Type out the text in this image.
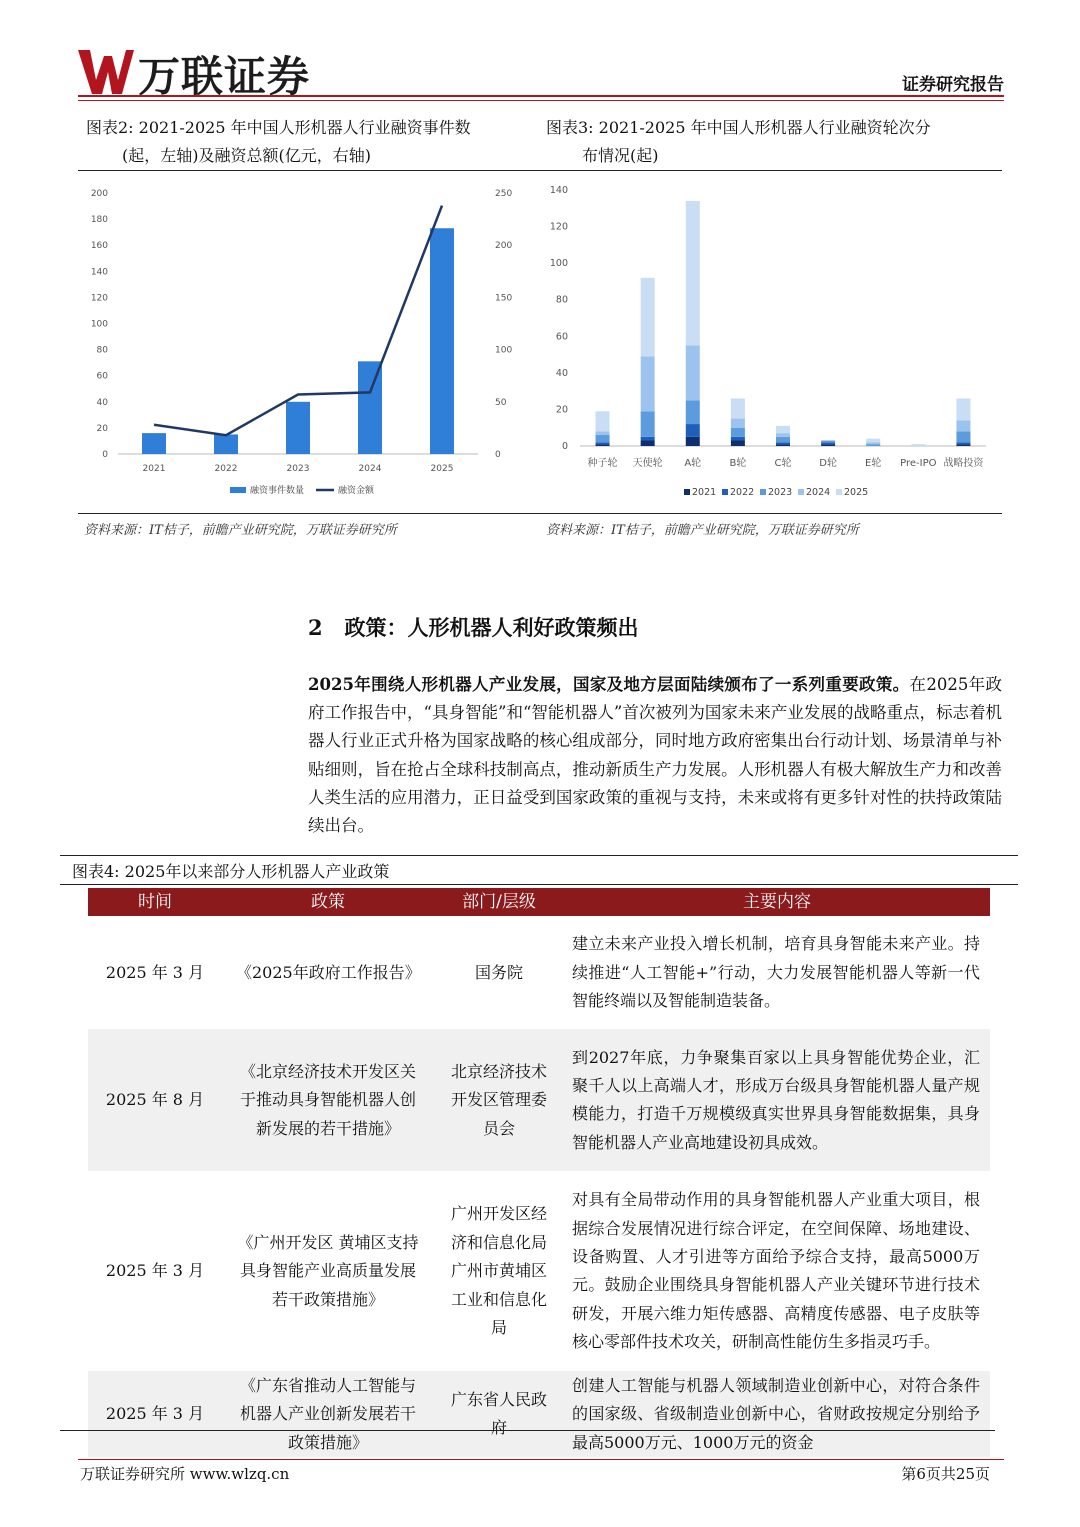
万联证券	证券研究报告
图表2: 2021-2025 年中国人形机器人行业融资事件数
(起，左轴)及融资总额(亿元，右轴)
图表3: 2021-2025 年中国人形机器人行业融资轮次分
布情况(起)
0
20
40
60
80
100
120
140
160
180
200
0
50
100
150
200
250
2021	2022	2023	2024	2025
融资事件数量	融资金额
0
20
40
60
80
100
120
140
种子轮 天使轮 A轮	B轮	C轮	D轮	E轮 Pre-IPO 战略投资
2021 2022 2023 2024 2025
资料来源：IT桔子，前瞻产业研究院，万联证券研究所	资料来源：IT桔子，前瞻产业研究院，万联证券研究所
2   政策：人形机器人利好政策频出
2025年围绕人形机器人产业发展，国家及地方层面陆续颁布了一系列重要政策。在2025年政府工作报告中，“具身智能”和“智能机器人”首次被列为国家未来产业发展的战略重点，标志着机器人行业正式升格为国家战略的核心组成部分，同时地方政府密集出台行动计划、场景清单与补贴细则，旨在抢占全球科技制高点，推动新质生产力发展。人形机器人有极大解放生产力和改善人类生活的应用潜力，正日益受到国家政策的重视与支持，未来或将有更多针对性的扶持政策陆续出台。
图表4: 2025年以来部分人形机器人产业政策
时间	政策	部门/层级	主要内容
2025 年 3 月	《2025年政府工作报告》	国务院	建立未来产业投入增长机制，培育具身智能未来产业。持续推进“人工智能+”行动，大力发展智能机器人等新一代智能终端以及智能制造装备。
2025 年 8 月	《北京经济技术开发区关于推动具身智能机器人创新发展的若干措施》	北京经济技术开发区管理委员会	到2027年底，力争聚集百家以上具身智能优势企业，汇聚千人以上高端人才，形成万台级具身智能机器人量产规模能力，打造千万规模级真实世界具身智能数据集，具身智能机器人产业高地建设初具成效。
2025 年 3 月	《广州开发区 黄埔区支持具身智能产业高质量发展若干政策措施》	广州开发区经济和信息化局 广州市黄埔区工业和信息化局	对具有全局带动作用的具身智能机器人产业重大项目，根据综合发展情况进行综合评定，在空间保障、场地建设、设备购置、人才引进等方面给予综合支持，最高5000万元。鼓励企业围绕具身智能机器人产业关键环节进行技术研发，开展六维力矩传感器、高精度传感器、电子皮肤等核心零部件技术攻关，研制高性能仿生多指灵巧手。
2025 年 3 月	《广东省推动人工智能与机器人产业创新发展若干政策措施》	广东省人民政府	创建人工智能与机器人领域制造业创新中心，对符合条件的国家级、省级制造业创新中心，省财政按规定分别给予最高5000万元、1000万元的资金
万联证券研究所 www.wlzq.cn	第6页共25页
